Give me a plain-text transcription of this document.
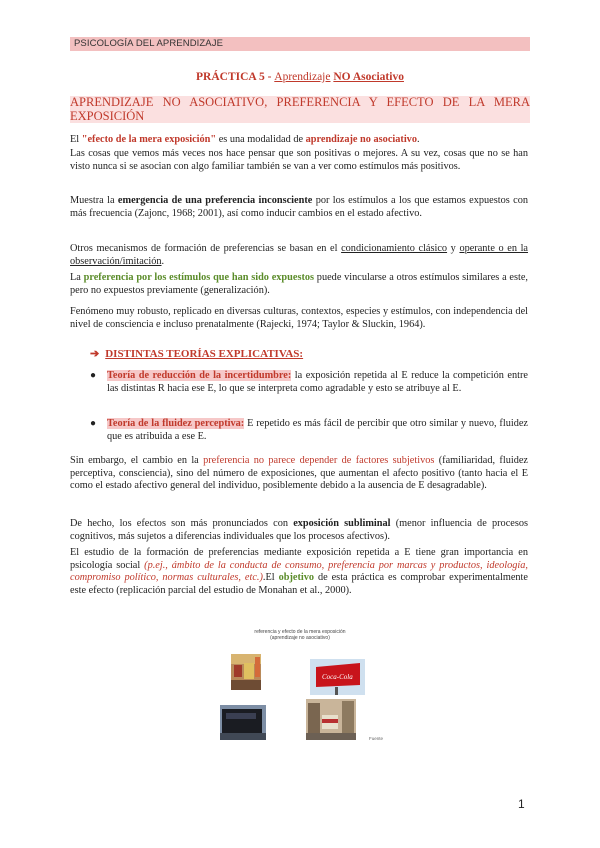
PSICOLOGÍA DEL APRENDIZAJE
PRÁCTICA 5 - Aprendizaje NO Asociativo
APRENDIZAJE NO ASOCIATIVO, PREFERENCIA Y EFECTO DE LA MERA EXPOSICIÓN
El "efecto de la mera exposición" es una modalidad de aprendizaje no asociativo.
Las cosas que vemos más veces nos hace pensar que son positivas o mejores. A su vez, cosas que no se han visto nunca si se asocian con algo familiar también se van a ver como estímulos más positivos.
Muestra la emergencia de una preferencia inconsciente por los estímulos a los que estamos expuestos con más frecuencia (Zajonc, 1968; 2001), así como inducir cambios en el estado afectivo.
Otros mecanismos de formación de preferencias se basan en el condicionamiento clásico y operante o en la observación/imitación.
La preferencia por los estímulos que han sido expuestos puede vincularse a otros estímulos similares a este, pero no expuestos previamente (generalización).
Fenómeno muy robusto, replicado en diversas culturas, contextos, especies y estímulos, con independencia del nivel de consciencia e incluso prenatalmente (Rajecki, 1974; Taylor & Sluckin, 1964).
➔ DISTINTAS TEORÍAS EXPLICATIVAS:
● Teoría de reducción de la incertidumbre: la exposición repetida al E reduce la competición entre las distintas R hacia ese E, lo que se interpreta como agradable y esto se atribuye al E.
● Teoría de la fluidez perceptiva: E repetido es más fácil de percibir que otro similar y nuevo, fluidez que es atribuida a ese E.
Sin embargo, el cambio en la preferencia no parece depender de factores subjetivos (familiaridad, fluidez perceptiva, consciencia), sino del número de exposiciones, que aumentan el afecto positivo (tanto hacia el E como el estado afectivo general del individuo, posiblemente debido a la ausencia de E desagradable).
De hecho, los efectos son más pronunciados con exposición subliminal (menor influencia de procesos cognitivos, más sujetos a diferencias individuales que los procesos afectivos).
El estudio de la formación de preferencias mediante exposición repetida a E tiene gran importancia en psicología social (p.ej., ámbito de la conducta de consumo, preferencia por marcas y productos, ideología, compromiso político, normas culturales, etc.).El objetivo de esta práctica es comprobar experimentalmente este efecto (replicación parcial del estudio de Monahan et al., 2000).
referencia y efecto de la mera exposición
(aprendizaje no asociativo)
Coca-Cola
Fuente
1
